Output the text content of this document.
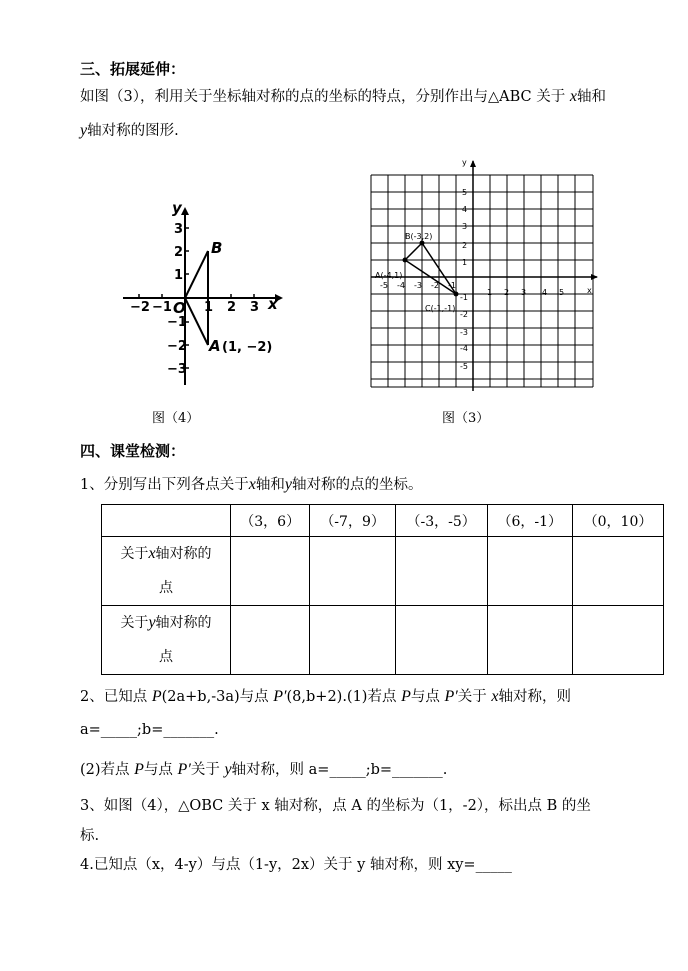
三、拓展延伸：
如图（3），利用关于坐标轴对称的点的坐标的特点，分别作出与△ABC 关于 x轴和
y轴对称的图形.
x
y
O
−2 −1 1 2 3
3
2
1
−1
−2
−3
B
A (1, −2)
图（4）
y
x
-5 -4 -3 -2 -1
1 2 3 4 5
5
4
3
2
1
-1
-2
-3
-4
-5
B(-3,2)
A(-4,1)
C(-1,-1)
图（3）
四、课堂检测：
1、分别写出下列各点关于x轴和y轴对称的点的坐标。
	（3，6）	（-7，9）	（-3，-5）	（6，-1）	（0，10）
关于x轴对称的
点					
关于y轴对称的
点					
2、已知点 P(2a+b,-3a)与点 P′(8,b+2).(1)若点 P与点 P′关于 x轴对称，则
a=_____;b=_______.
(2)若点 P与点 P′关于 y轴对称，则 a=_____;b=_______.
3、如图（4），△OBC 关于 x 轴对称，点 A 的坐标为（1，-2），标出点 B 的坐
标.
4.已知点（x，4-y）与点（1-y，2x）关于 y 轴对称，则 xy=_____
